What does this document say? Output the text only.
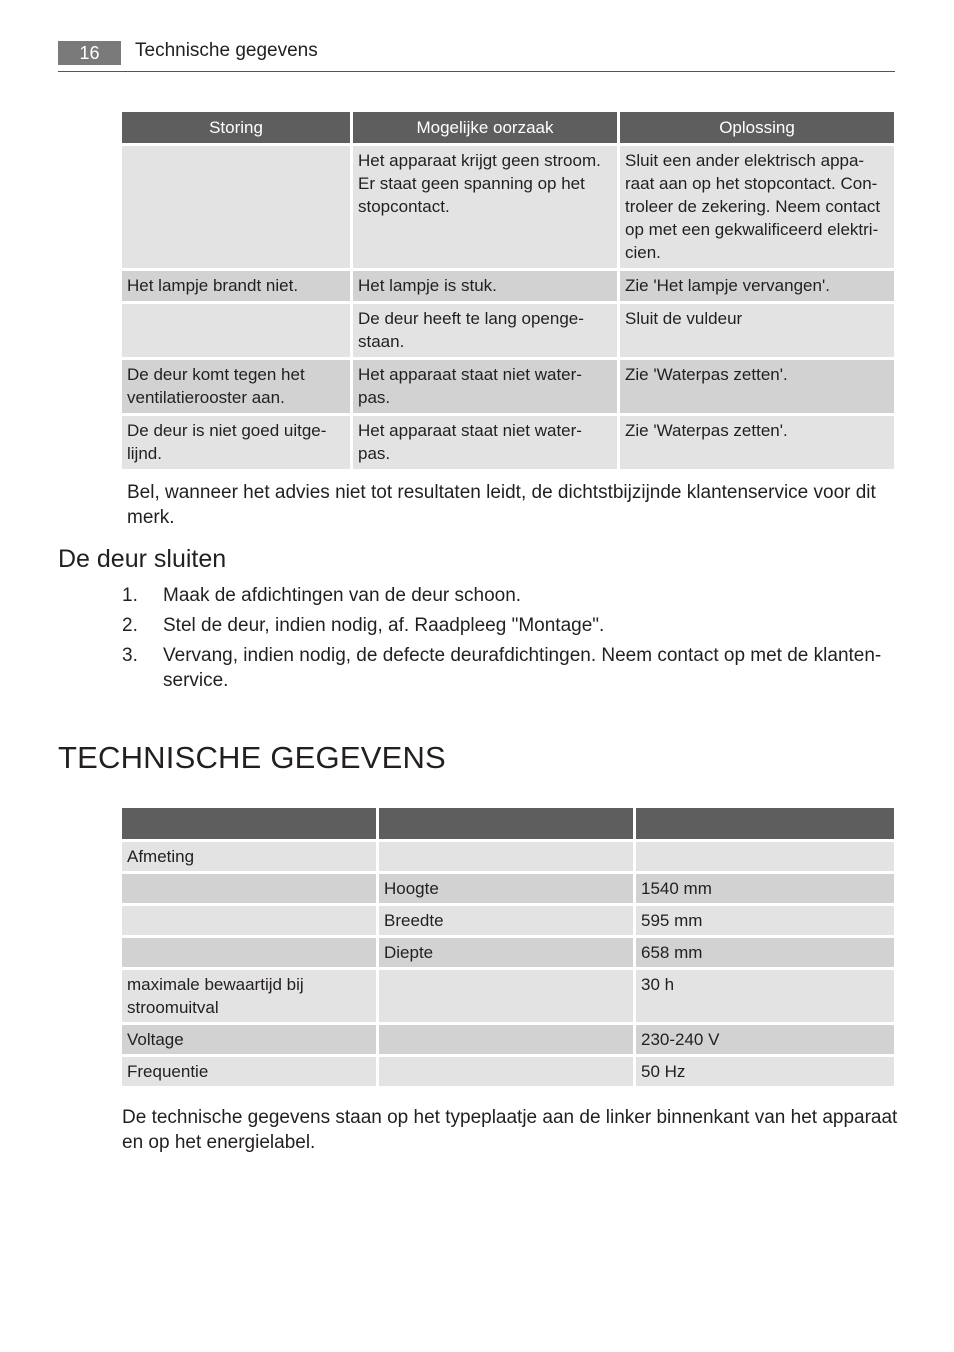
16	Technische gegevens
Storing	Mogelijke oorzaak	Oplossing
	Het apparaat krijgt geen stroom. Er staat geen spanning op het stopcontact.	Sluit een ander elektrisch appa-raat aan op het stopcontact. Con-troleer de zekering. Neem contact op met een gekwalificeerd elektri-cien.
Het lampje brandt niet.	Het lampje is stuk.	Zie 'Het lampje vervangen'.
	De deur heeft te lang openge-staan.	Sluit de vuldeur
De deur komt tegen het ventilatierooster aan.	Het apparaat staat niet water-pas.	Zie 'Waterpas zetten'.
De deur is niet goed uitge-lijnd.	Het apparaat staat niet water-pas.	Zie 'Waterpas zetten'.
Bel, wanneer het advies niet tot resultaten leidt, de dichtstbijzijnde klantenservice voor dit merk.
De deur sluiten
1. Maak de afdichtingen van de deur schoon.
2. Stel de deur, indien nodig, af. Raadpleeg "Montage".
3. Vervang, indien nodig, de defecte deurafdichtingen. Neem contact op met de klanten-service.
TECHNISCHE GEGEVENS

Afmeting		
	Hoogte	1540 mm
	Breedte	595 mm
	Diepte	658 mm
maximale bewaartijd bij stroomuitval		30 h
Voltage		230-240 V
Frequentie		50 Hz
De technische gegevens staan op het typeplaatje aan de linker binnenkant van het apparaat en op het energielabel.
